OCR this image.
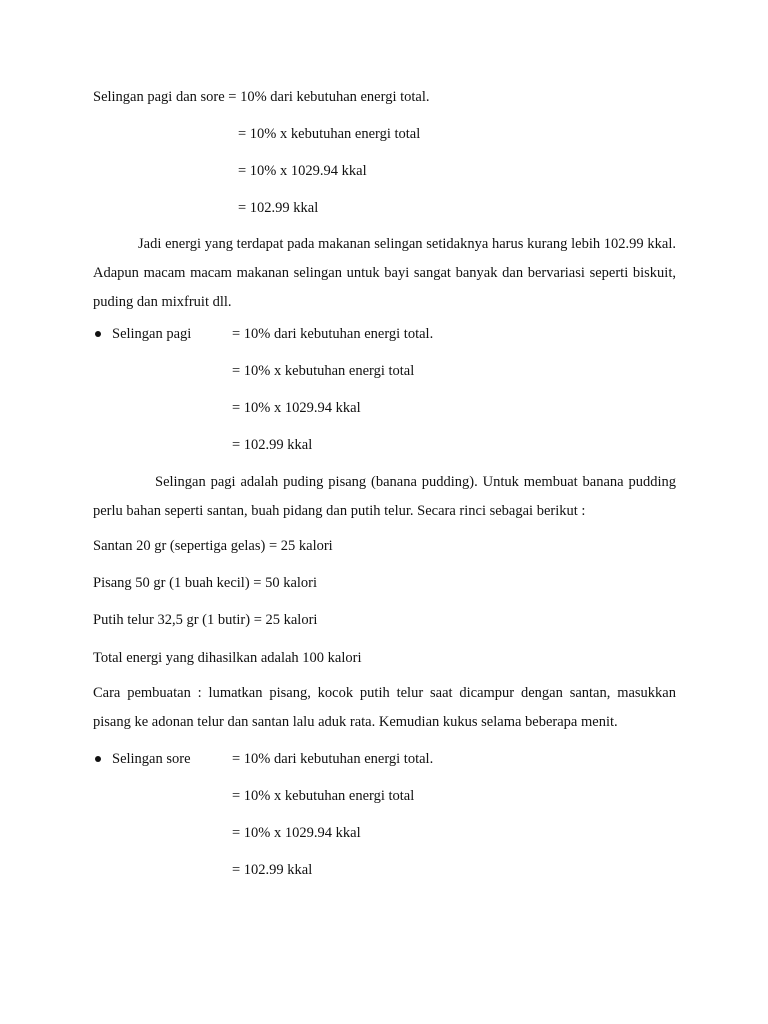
Selingan pagi dan sore = 10% dari kebutuhan energi total.
= 10% x kebutuhan energi total
= 10% x 1029.94 kkal
= 102.99 kkal

Jadi energi yang terdapat pada makanan selingan setidaknya harus kurang lebih 102.99 kkal. Adapun macam macam makanan selingan untuk bayi sangat banyak dan bervariasi seperti biskuit, puding dan mixfruit dll.

Selingan pagi	= 10% dari kebutuhan energi total.
= 10% x kebutuhan energi total
= 10% x 1029.94 kkal
= 102.99 kkal

Selingan pagi adalah puding pisang (banana pudding). Untuk membuat banana pudding perlu bahan seperti santan, buah pidang dan putih telur. Secara rinci sebagai berikut :

Santan 20 gr (sepertiga gelas) = 25 kalori
Pisang 50 gr (1 buah kecil) = 50 kalori
Putih telur 32,5 gr (1 butir) = 25 kalori
Total energi yang dihasilkan adalah 100 kalori

Cara pembuatan : lumatkan pisang, kocok putih telur saat dicampur dengan santan, masukkan pisang ke adonan telur dan santan lalu aduk rata. Kemudian kukus selama beberapa menit.

Selingan sore	= 10% dari kebutuhan energi total.
= 10% x kebutuhan energi total
= 10% x 1029.94 kkal
= 102.99 kkal
